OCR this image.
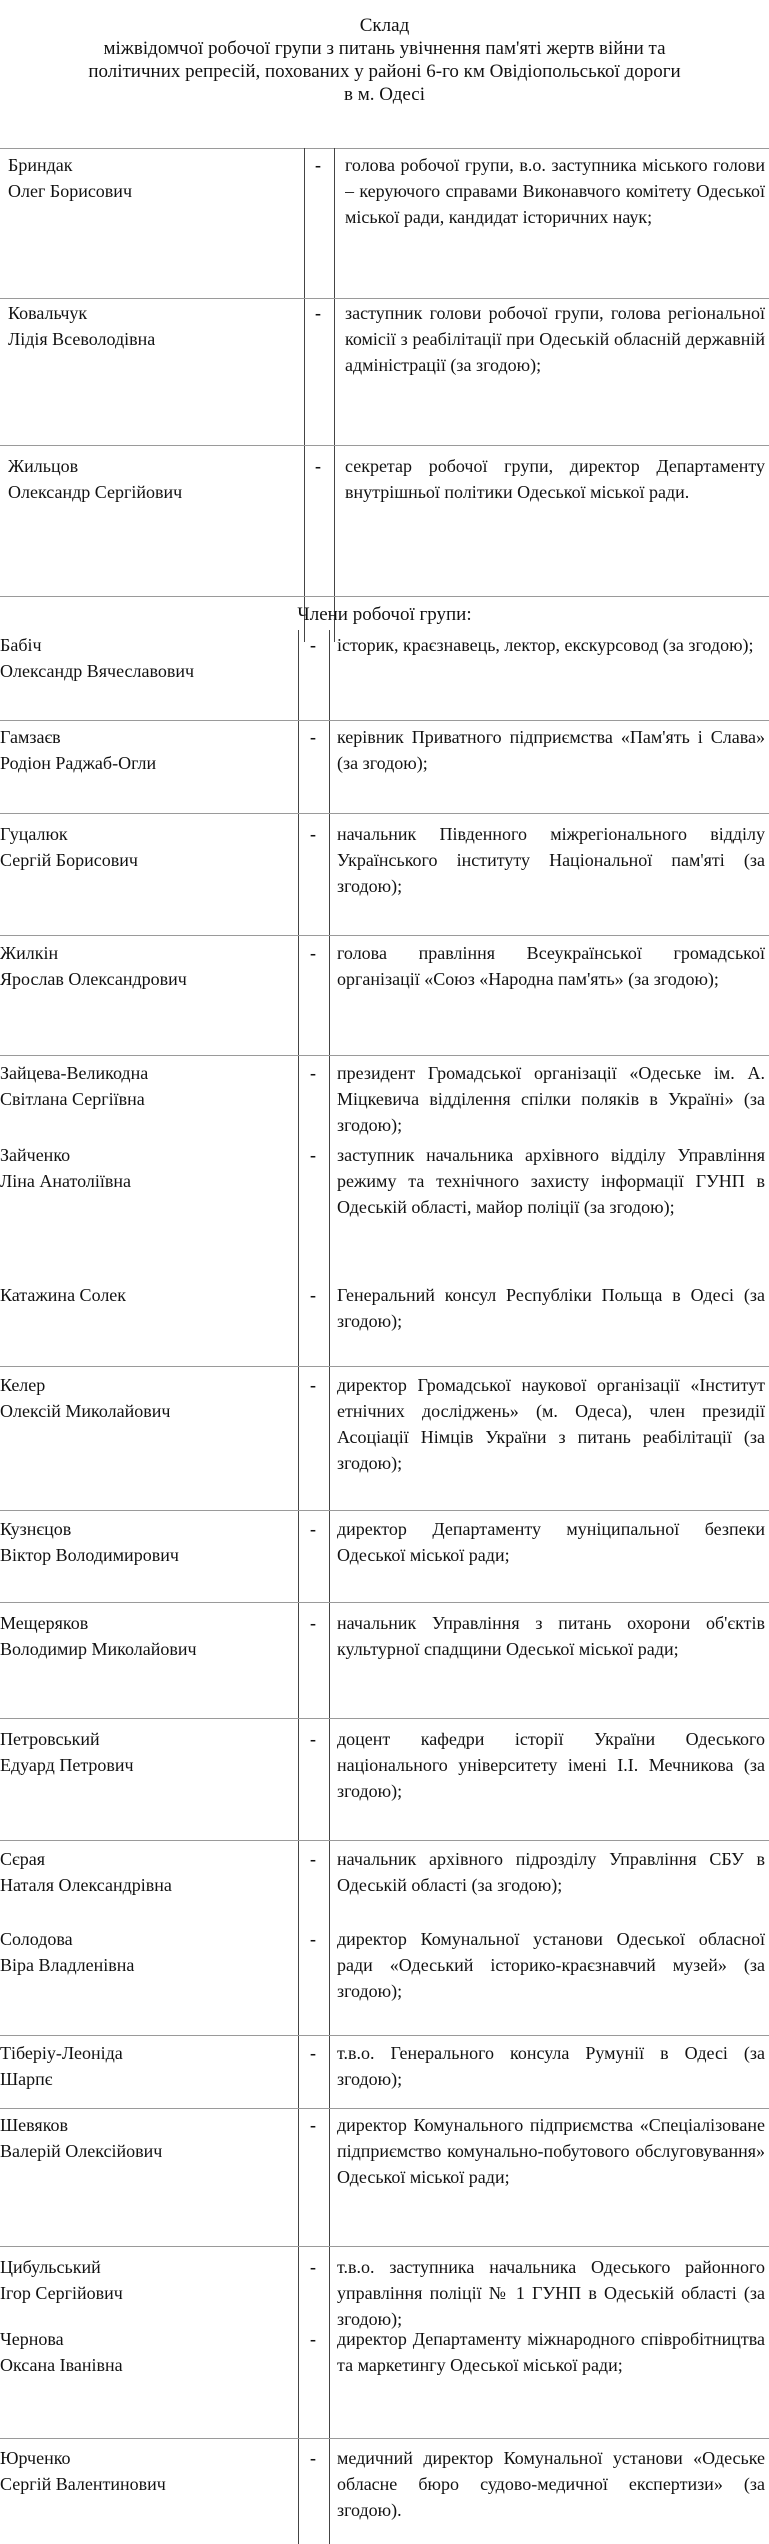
Склад
міжвідомчої робочої групи з питань увічнення пам'яті жертв війни та
політичних репресій, похованих у районі 6-го км Овідіопольської дороги
в м. Одесі
Бриндак
Олег Борисович
- голова робочої групи, в.о. заступника міського голови – керуючого справами Виконавчого комітету Одеської міської ради, кандидат історичних наук;
Ковальчук
Лідія Всеволодівна
- заступник голови робочої групи, голова регіональної комісії з реабілітації при Одеській обласній державній адміністрації (за згодою);
Жильцов
Олександр Сергійович
- секретар робочої групи, директор Департаменту внутрішньої політики Одеської міської ради.
Члени робочої групи:
Бабіч
Олександр Вячеславович
- історик, краєзнавець, лектор, екскурсовод (за згодою);
Гамзаєв
Родіон Раджаб-Огли
- керівник Приватного підприємства «Пам'ять і Слава» (за згодою);
Гуцалюк
Сергій Борисович
- начальник Південного міжрегіонального відділу Українського інституту Національної пам'яті (за згодою);
Жилкін
Ярослав Олександрович
- голова правління Всеукраїнської громадської організації «Союз «Народна пам'ять» (за згодою);
Зайцева-Великодна
Світлана Сергіївна
- президент Громадської організації «Одеське ім. А. Міцкевича відділення спілки поляків в Україні» (за згодою);
Зайченко
Ліна Анатоліївна
- заступник начальника архівного відділу Управління режиму та технічного захисту інформації ГУНП в Одеській області, майор поліції (за згодою);
Катажина Солек	- Генеральний консул Республіки Польща в Одесі (за згодою);
Келер
Олексій Миколайович
- директор Громадської наукової організації «Інститут етнічних досліджень» (м. Одеса), член президії Асоціації Німців України з питань реабілітації (за згодою);
Кузнєцов
Віктор Володимирович
- директор Департаменту муніципальної безпеки Одеської міської ради;
Мещеряков
Володимир Миколайович
- начальник Управління з питань охорони об'єктів культурної спадщини Одеської міської ради;
Петровський
Едуард Петрович
- доцент кафедри історії України Одеського національного університету імені І.І. Мечникова (за згодою);
Сєрая
Наталя Олександрівна
- начальник архівного підрозділу Управління СБУ в Одеській області (за згодою);
Солодова
Віра Владленівна
- директор Комунальної установи Одеської обласної ради «Одеський історико-краєзнавчий музей» (за згодою);
Тіберіу-Леоніда
Шарпє
- т.в.о. Генерального консула Румунії в Одесі (за згодою);
Шевяков
Валерій Олексійович
- директор Комунального підприємства «Спеціалізоване підприємство комунально-побутового обслуговування» Одеської міської ради;
Цибульський
Ігор Сергійович
- т.в.о. заступника начальника Одеського районного управління поліції № 1 ГУНП в Одеській області (за згодою);
Чернова
Оксана Іванівна
- директор Департаменту міжнародного співробітництва та маркетингу Одеської міської ради;
Юрченко
Сергій Валентинович
- медичний директор Комунальної установи «Одеське обласне бюро судово-медичної експертизи» (за згодою).
